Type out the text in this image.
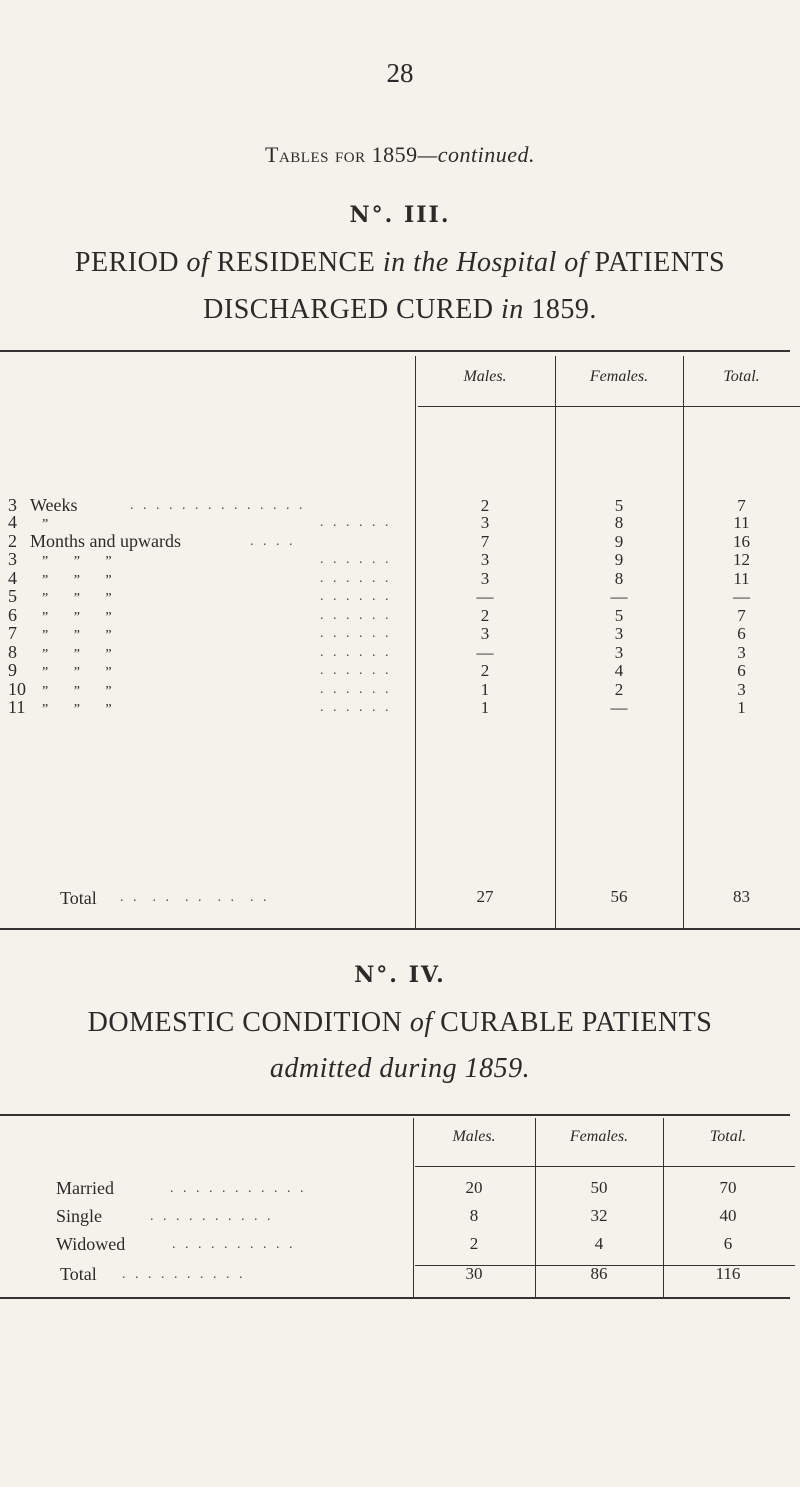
28
Tables for 1859—continued.
N°. III.
PERIOD of RESIDENCE in the Hospital of PATIENTS
DISCHARGED CURED in 1859.
Males.	Females.	Total.
3 Weeks	. . . . . . . . . . . . . .	2	5	7
4 ”	. . . . . .	3	8	11
2 Months and upwards	. . . .	7	9	16
3 ” ” ”	. . . . . .	3	9	12
4 ” ” ”	. . . . . .	3	8	11
5 ” ” ”	. . . . . .	—	—	—
6 ” ” ”	. . . . . .	2	5	7
7 ” ” ”	. . . . . .	3	3	6
8 ” ” ”	. . . . . .	—	3	3
9 ” ” ”	. . . . . .	2	4	6
10 ” ” ”	. . . . . .	1	2	3
11 ” ” ”	. . . . . .	1	—	1
Total . .  . .  . .  . .  . .	27	56	83
N°. IV.
DOMESTIC CONDITION of CURABLE PATIENTS
admitted during 1859.
Males.	Females.	Total.
Married	. . . . . . . . . . .	20	50	70
Single	. . . . . . . . . .	8	32	40
Widowed	. . . . . . . . . .	2	4	6
Total . . . . . . . . . .	30	86	116
